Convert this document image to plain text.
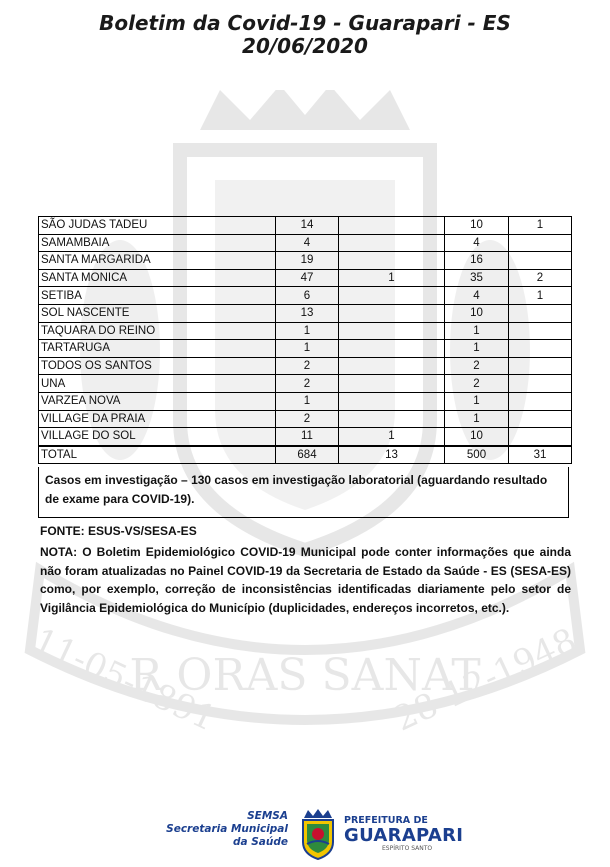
Boletim da Covid-19 - Guarapari - ES
20/06/2020
R ORAS SANAT
11-05-1891	28-12-1948
SÃO JUDAS TADEU	14		10	1
SAMAMBAIA	4		4	
SANTA MARGARIDA	19		16	
SANTA MONICA	47	1	35	2
SETIBA	6		4	1
SOL NASCENTE	13		10	
TAQUARA DO REINO	1		1	
TARTARUGA	1		1	
TODOS OS SANTOS	2		2	
UNA	2		2	
VARZEA NOVA	1		1	
VILLAGE DA PRAIA	2		1	
VILLAGE DO SOL	11	1	10	
TOTAL	684	13	500	31
Casos em investigação – 130 casos em investigação laboratorial (aguardando resultado de exame para COVID-19).
FONTE: ESUS-VS/SESA-ES
NOTA: O Boletim Epidemiológico COVID-19 Municipal pode conter informações que ainda não foram atualizadas no Painel COVID-19 da Secretaria de Estado da Saúde - ES (SESA-ES) como, por exemplo, correção de inconsistências identificadas diariamente pelo setor de Vigilância Epidemiológica do Município (duplicidades, endereços incorretos, etc.).
SEMSA
Secretaria Municipal
da Saúde
PREFEITURA DE
GUARAPARI
ESPÍRITO SANTO
